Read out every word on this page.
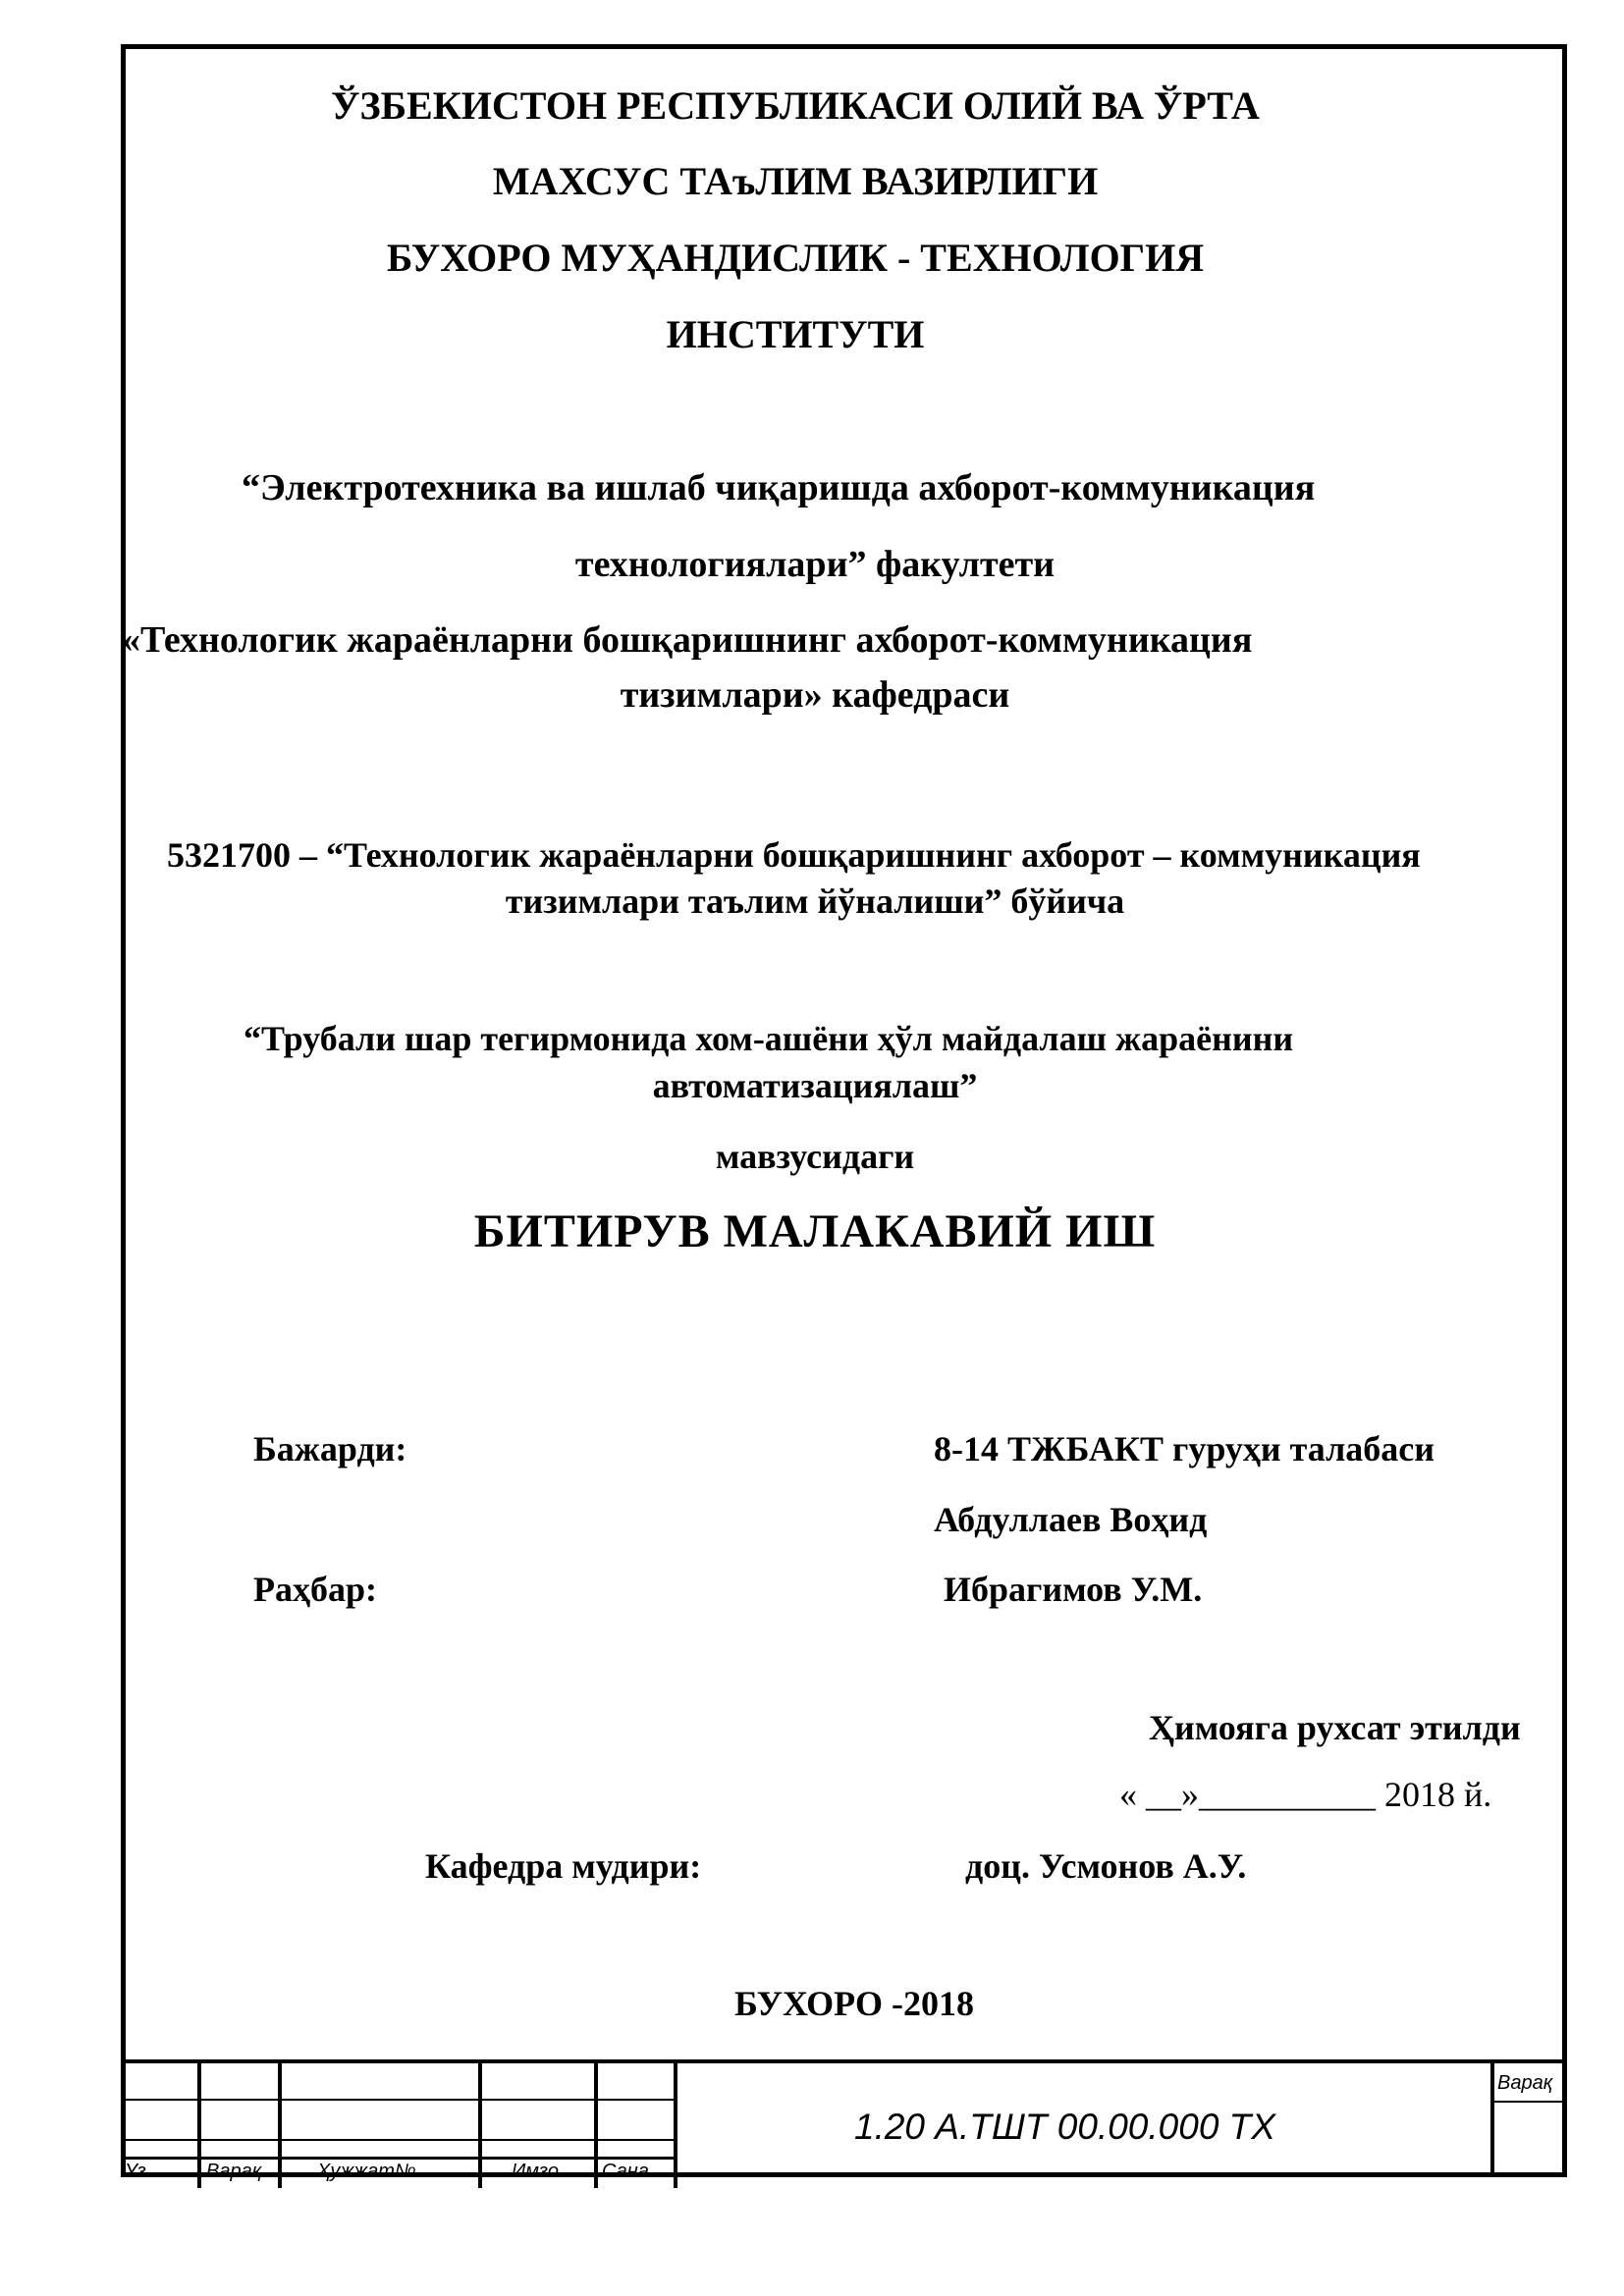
ЎЗБЕКИСТОН РЕСПУБЛИКАСИ ОЛИЙ ВА ЎРТА
МАХСУС ТАъЛИМ ВАЗИРЛИГИ
БУХОРО МУҲАНДИСЛИК - ТЕХНОЛОГИЯ
ИНСТИТУТИ
“Электротехника ва ишлаб чиқаришда ахборот-коммуникация
технологиялари” факултети
«Технологик жараёнларни бошқаришнинг ахборот-коммуникация
тизимлари» кафедраси
5321700 – “Технологик жараёнларни бошқаришнинг ахборот – коммуникация
тизимлари таълим йўналиши” бўйича
“Трубали шар тегирмонида хом-ашёни ҳўл майдалаш жараёнини
автоматизациялаш”
мавзусидаги
БИТИРУВ МАЛАКАВИЙ ИШ
Бажарди:	8-14 ТЖБАКТ гуруҳи талабаси
Абдуллаев Воҳид
Раҳбар:	Ибрагимов У.М.
Ҳимояга рухсат этилди
« __»__________ 2018 й.
Кафедра мудири:	доц. Усмонов А.У.
БУХОРО -2018
Уз..	Варақ	Ҳужжат№	Имзо Сана
1.20 А.ТШТ 00.00.000 ТХ
Варақ
